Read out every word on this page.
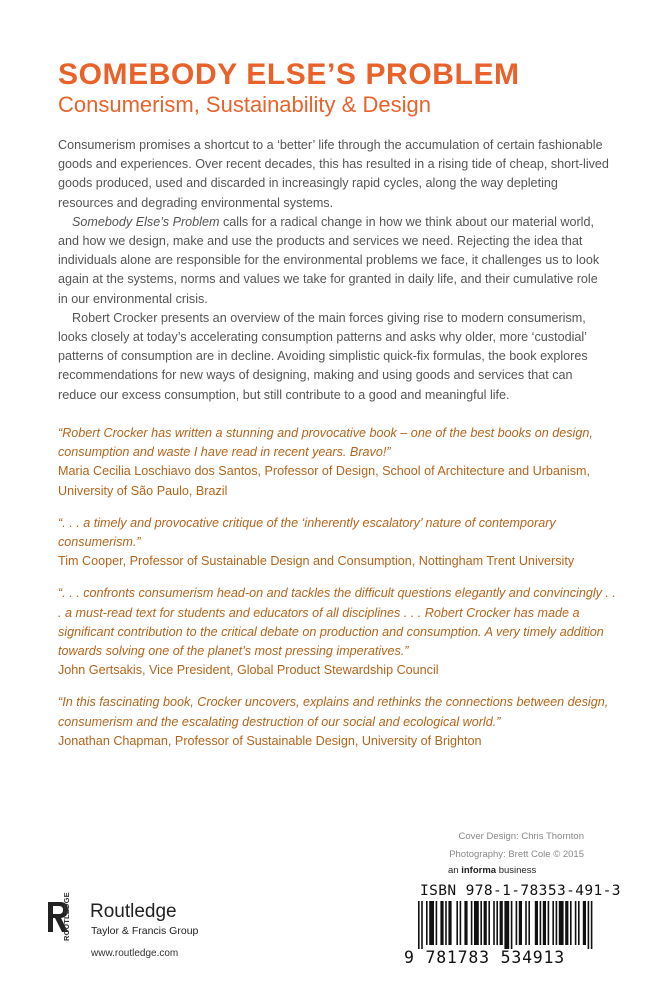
SOMEBODY ELSE’S PROBLEM
Consumerism, Sustainability & Design

Consumerism promises a shortcut to a ‘better’ life through the accumulation of certain fashionable goods and experiences. Over recent decades, this has resulted in a rising tide of cheap, short-lived goods produced, used and discarded in increasingly rapid cycles, along the way depleting resources and degrading environmental systems.

Somebody Else’s Problem calls for a radical change in how we think about our material world, and how we design, make and use the products and services we need. Rejecting the idea that individuals alone are responsible for the environmental problems we face, it challenges us to look again at the systems, norms and values we take for granted in daily life, and their cumulative role in our environmental crisis.

Robert Crocker presents an overview of the main forces giving rise to modern consumerism, looks closely at today’s accelerating consumption patterns and asks why older, more ‘custodial’ patterns of consumption are in decline. Avoiding simplistic quick-fix formulas, the book explores recommendations for new ways of designing, making and using goods and services that can reduce our excess consumption, but still contribute to a good and meaningful life.

“Robert Crocker has written a stunning and provocative book – one of the best books on design, consumption and waste I have read in recent years. Bravo!”
Maria Cecilia Loschiavo dos Santos, Professor of Design, School of Architecture and Urbanism, University of São Paulo, Brazil
“. . . a timely and provocative critique of the ‘inherently escalatory’ nature of contemporary consumerism.”
Tim Cooper, Professor of Sustainable Design and Consumption, Nottingham Trent University
“. . . confronts consumerism head-on and tackles the difficult questions elegantly and convincingly . . . a must-read text for students and educators of all disciplines . . . Robert Crocker has made a significant contribution to the critical debate on production and consumption. A very timely addition towards solving one of the planet’s most pressing imperatives.”
John Gertsakis, Vice President, Global Product Stewardship Council
“In this fascinating book, Crocker uncovers, explains and rethinks the connections between design, consumerism and the escalating destruction of our social and ecological world.”
Jonathan Chapman, Professor of Sustainable Design, University of Brighton
Cover Design: Chris Thornton
Photography: Brett Cole © 2015
an informa business
ISBN 978-1-78353-491-3
9 781783 534913
ROUTLEDGE Routledge
Taylor & Francis Group
www.routledge.com
